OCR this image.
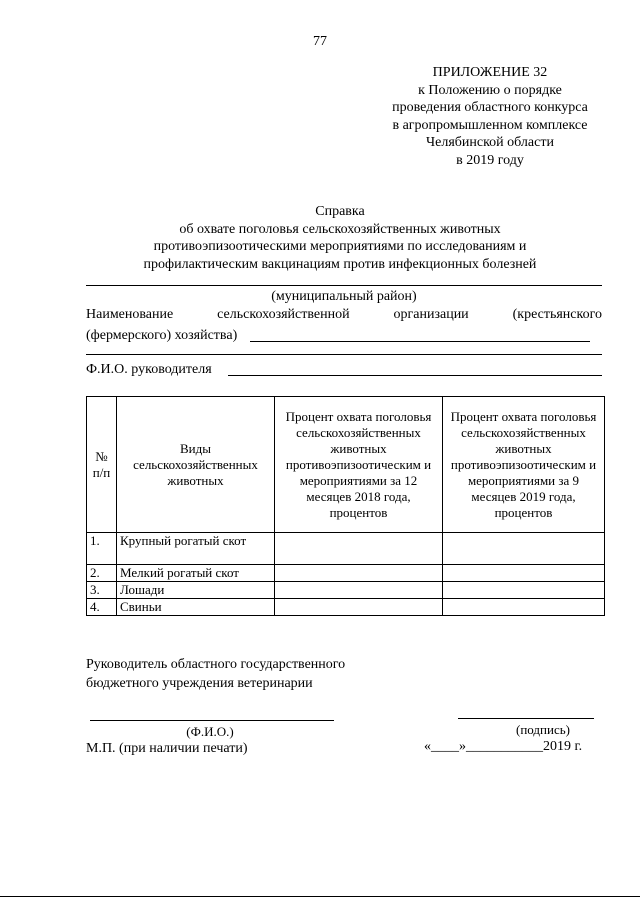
77
ПРИЛОЖЕНИЕ 32
к Положению о порядке
проведения областного конкурса
в агропромышленном комплексе
Челябинской области
в 2019 году
Справка
об охвате поголовья сельскохозяйственных животных
противоэпизоотическими мероприятиями по исследованиям и
профилактическим вакцинациям против инфекционных болезней
(муниципальный район)
Наименование	сельскохозяйственной	организации	(крестьянского
(фермерского) хозяйства)
Ф.И.О. руководителя
№ п/п	Виды сельскохозяйственных животных	Процент охвата поголовья сельскохозяйственных животных противоэпизоотическим и мероприятиями за 12 месяцев 2018 года, процентов	Процент охвата поголовья сельскохозяйственных животных противоэпизоотическим и мероприятиями за 9 месяцев 2019 года, процентов
1.	Крупный рогатый скот		
2.	Мелкий рогатый скот		
3.	Лошади		
4.	Свиньи		
Руководитель областного государственного
бюджетного учреждения ветеринарии
(Ф.И.О.)	(подпись)
М.П. (при наличии печати)	«____»___________2019 г.
